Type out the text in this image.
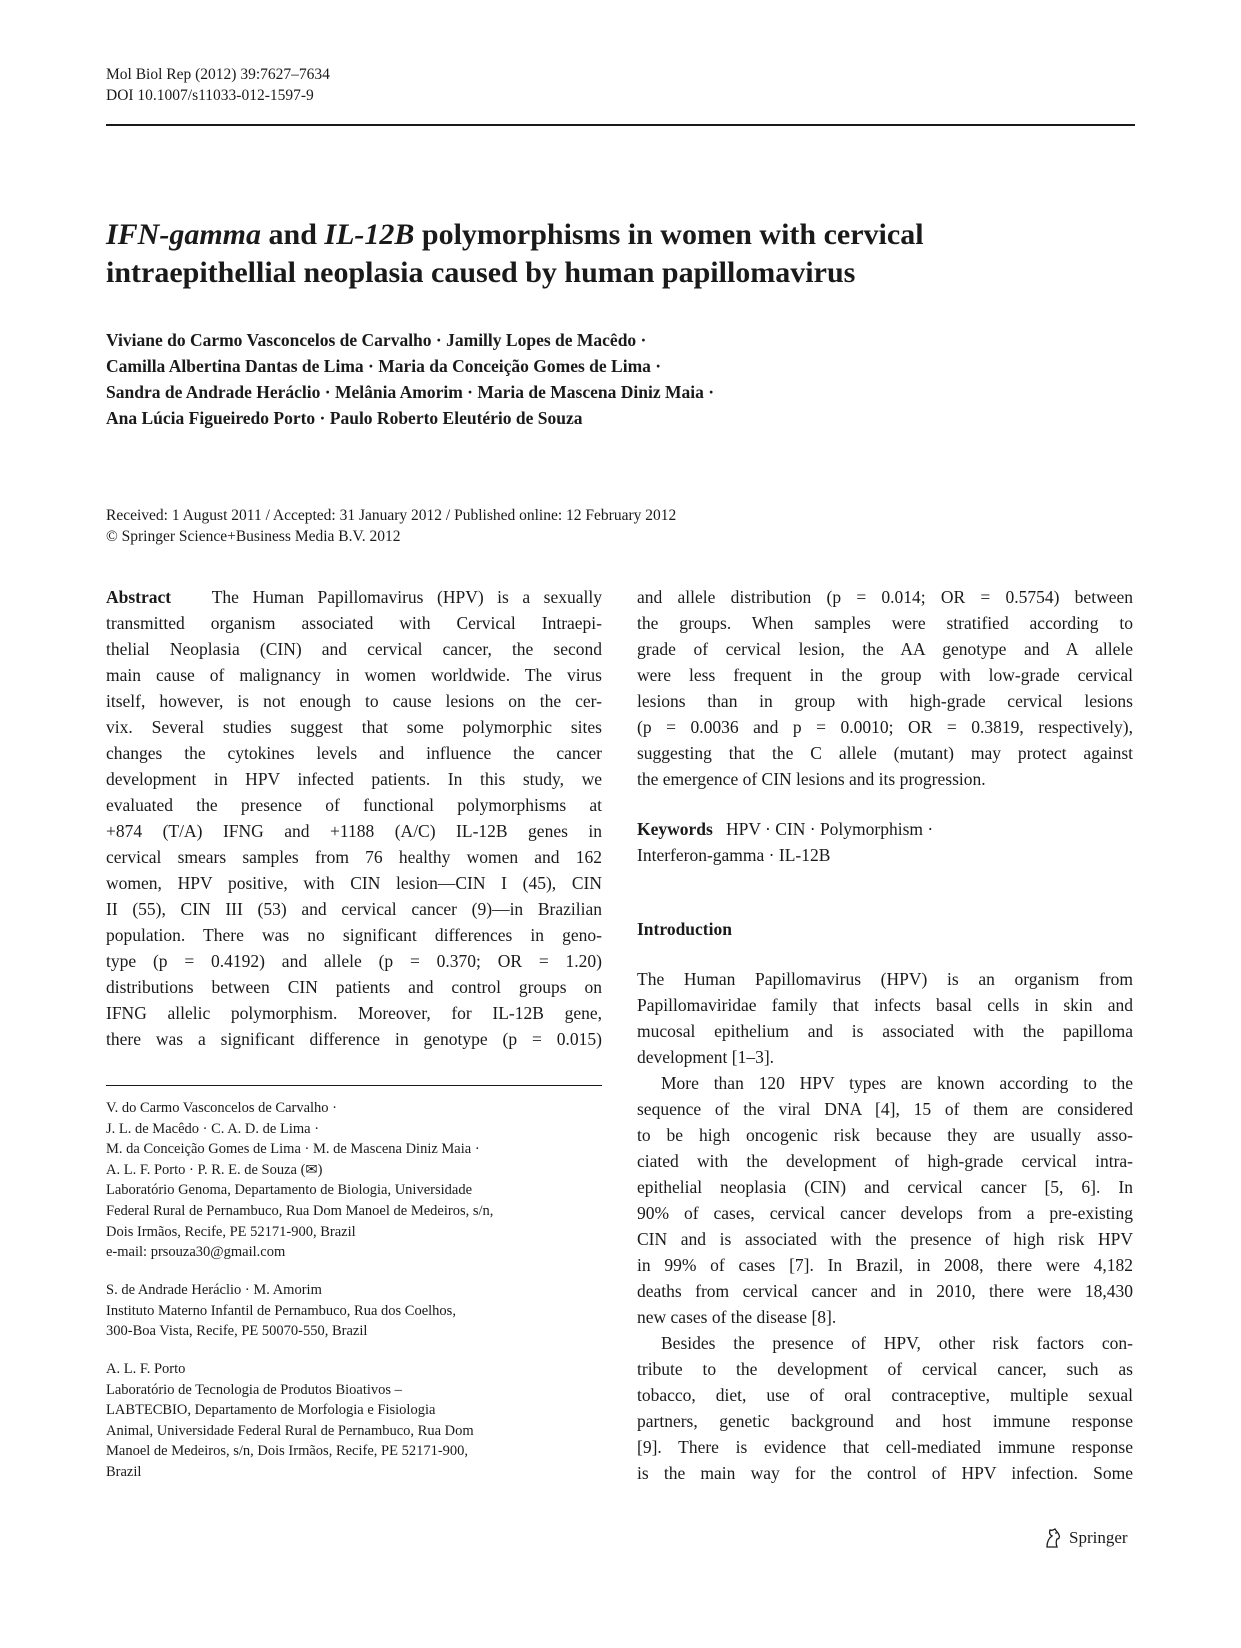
Mol Biol Rep (2012) 39:7627–7634
DOI 10.1007/s11033-012-1597-9
IFN-gamma and IL-12B polymorphisms in women with cervical
intraepithellial neoplasia caused by human papillomavirus
Viviane do Carmo Vasconcelos de Carvalho · Jamilly Lopes de Macêdo ·
Camilla Albertina Dantas de Lima · Maria da Conceição Gomes de Lima ·
Sandra de Andrade Heráclio · Melânia Amorim · Maria de Mascena Diniz Maia ·
Ana Lúcia Figueiredo Porto · Paulo Roberto Eleutério de Souza
Received: 1 August 2011 / Accepted: 31 January 2012 / Published online: 12 February 2012
© Springer Science+Business Media B.V. 2012
Abstract The Human Papillomavirus (HPV) is a sexually
transmitted organism associated with Cervical Intraepi-
thelial Neoplasia (CIN) and cervical cancer, the second
main cause of malignancy in women worldwide. The virus
itself, however, is not enough to cause lesions on the cer-
vix. Several studies suggest that some polymorphic sites
changes the cytokines levels and influence the cancer
development in HPV infected patients. In this study, we
evaluated the presence of functional polymorphisms at
+874 (T/A) IFNG and +1188 (A/C) IL-12B genes in
cervical smears samples from 76 healthy women and 162
women, HPV positive, with CIN lesion—CIN I (45), CIN
II (55), CIN III (53) and cervical cancer (9)—in Brazilian
population. There was no significant differences in geno-
type (p = 0.4192) and allele (p = 0.370; OR = 1.20)
distributions between CIN patients and control groups on
IFNG allelic polymorphism. Moreover, for IL-12B gene,
there was a significant difference in genotype (p = 0.015)
V. do Carmo Vasconcelos de Carvalho ·
J. L. de Macêdo · C. A. D. de Lima ·
M. da Conceição Gomes de Lima · M. de Mascena Diniz Maia ·
A. L. F. Porto · P. R. E. de Souza (✉)
Laboratório Genoma, Departamento de Biologia, Universidade
Federal Rural de Pernambuco, Rua Dom Manoel de Medeiros, s/n,
Dois Irmãos, Recife, PE 52171-900, Brazil
e-mail: prsouza30@gmail.com
S. de Andrade Heráclio · M. Amorim
Instituto Materno Infantil de Pernambuco, Rua dos Coelhos,
300-Boa Vista, Recife, PE 50070-550, Brazil
A. L. F. Porto
Laboratório de Tecnologia de Produtos Bioativos –
LABTECBIO, Departamento de Morfologia e Fisiologia
Animal, Universidade Federal Rural de Pernambuco, Rua Dom
Manoel de Medeiros, s/n, Dois Irmãos, Recife, PE 52171-900,
Brazil
and allele distribution (p = 0.014; OR = 0.5754) between
the groups. When samples were stratified according to
grade of cervical lesion, the AA genotype and A allele
were less frequent in the group with low-grade cervical
lesions than in group with high-grade cervical lesions
(p = 0.0036 and p = 0.0010; OR = 0.3819, respectively),
suggesting that the C allele (mutant) may protect against
the emergence of CIN lesions and its progression.
Keywords HPV · CIN · Polymorphism ·
Interferon-gamma · IL-12B
Introduction
The Human Papillomavirus (HPV) is an organism from
Papillomaviridae family that infects basal cells in skin and
mucosal epithelium and is associated with the papilloma
development [1–3].
More than 120 HPV types are known according to the
sequence of the viral DNA [4], 15 of them are considered
to be high oncogenic risk because they are usually asso-
ciated with the development of high-grade cervical intra-
epithelial neoplasia (CIN) and cervical cancer [5, 6]. In
90% of cases, cervical cancer develops from a pre-existing
CIN and is associated with the presence of high risk HPV
in 99% of cases [7]. In Brazil, in 2008, there were 4,182
deaths from cervical cancer and in 2010, there were 18,430
new cases of the disease [8].
Besides the presence of HPV, other risk factors con-
tribute to the development of cervical cancer, such as
tobacco, diet, use of oral contraceptive, multiple sexual
partners, genetic background and host immune response
[9]. There is evidence that cell-mediated immune response
is the main way for the control of HPV infection. Some
Springer
